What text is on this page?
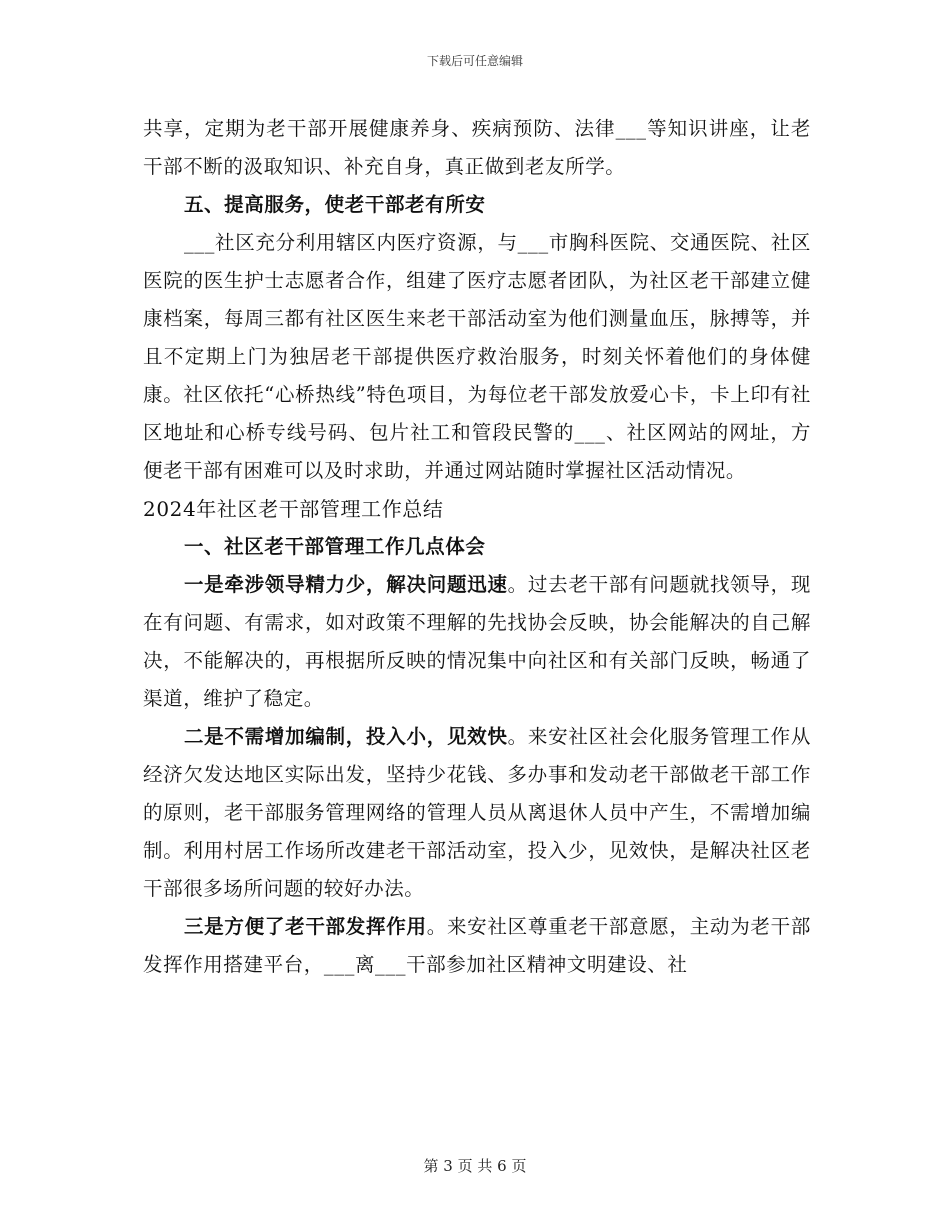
下载后可任意编辑

共享，定期为老干部开展健康养身、疾病预防、法律___等知识讲座，让老干部不断的汲取知识、补充自身，真正做到老友所学。

五、提高服务，使老干部老有所安

___社区充分利用辖区内医疗资源，与___市胸科医院、交通医院、社区医院的医生护士志愿者合作，组建了医疗志愿者团队，为社区老干部建立健康档案，每周三都有社区医生来老干部活动室为他们测量血压，脉搏等，并且不定期上门为独居老干部提供医疗救治服务，时刻关怀着他们的身体健康。社区依托“心桥热线”特色项目，为每位老干部发放爱心卡，卡上印有社区地址和心桥专线号码、包片社工和管段民警的___、社区网站的网址，方便老干部有困难可以及时求助，并通过网站随时掌握社区活动情况。

2024年社区老干部管理工作总结

一、社区老干部管理工作几点体会

一是牵涉领导精力少，解决问题迅速。过去老干部有问题就找领导，现在有问题、有需求，如对政策不理解的先找协会反映，协会能解决的自己解决，不能解决的，再根据所反映的情况集中向社区和有关部门反映，畅通了渠道，维护了稳定。

二是不需增加编制，投入小，见效快。来安社区社会化服务管理工作从经济欠发达地区实际出发，坚持少花钱、多办事和发动老干部做老干部工作的原则，老干部服务管理网络的管理人员从离退休人员中产生，不需增加编制。利用村居工作场所改建老干部活动室，投入少，见效快，是解决社区老干部很多场所问题的较好办法。

三是方便了老干部发挥作用。来安社区尊重老干部意愿，主动为老干部发挥作用搭建平台，___离___干部参加社区精神文明建设、社

第 3 页 共 6 页
